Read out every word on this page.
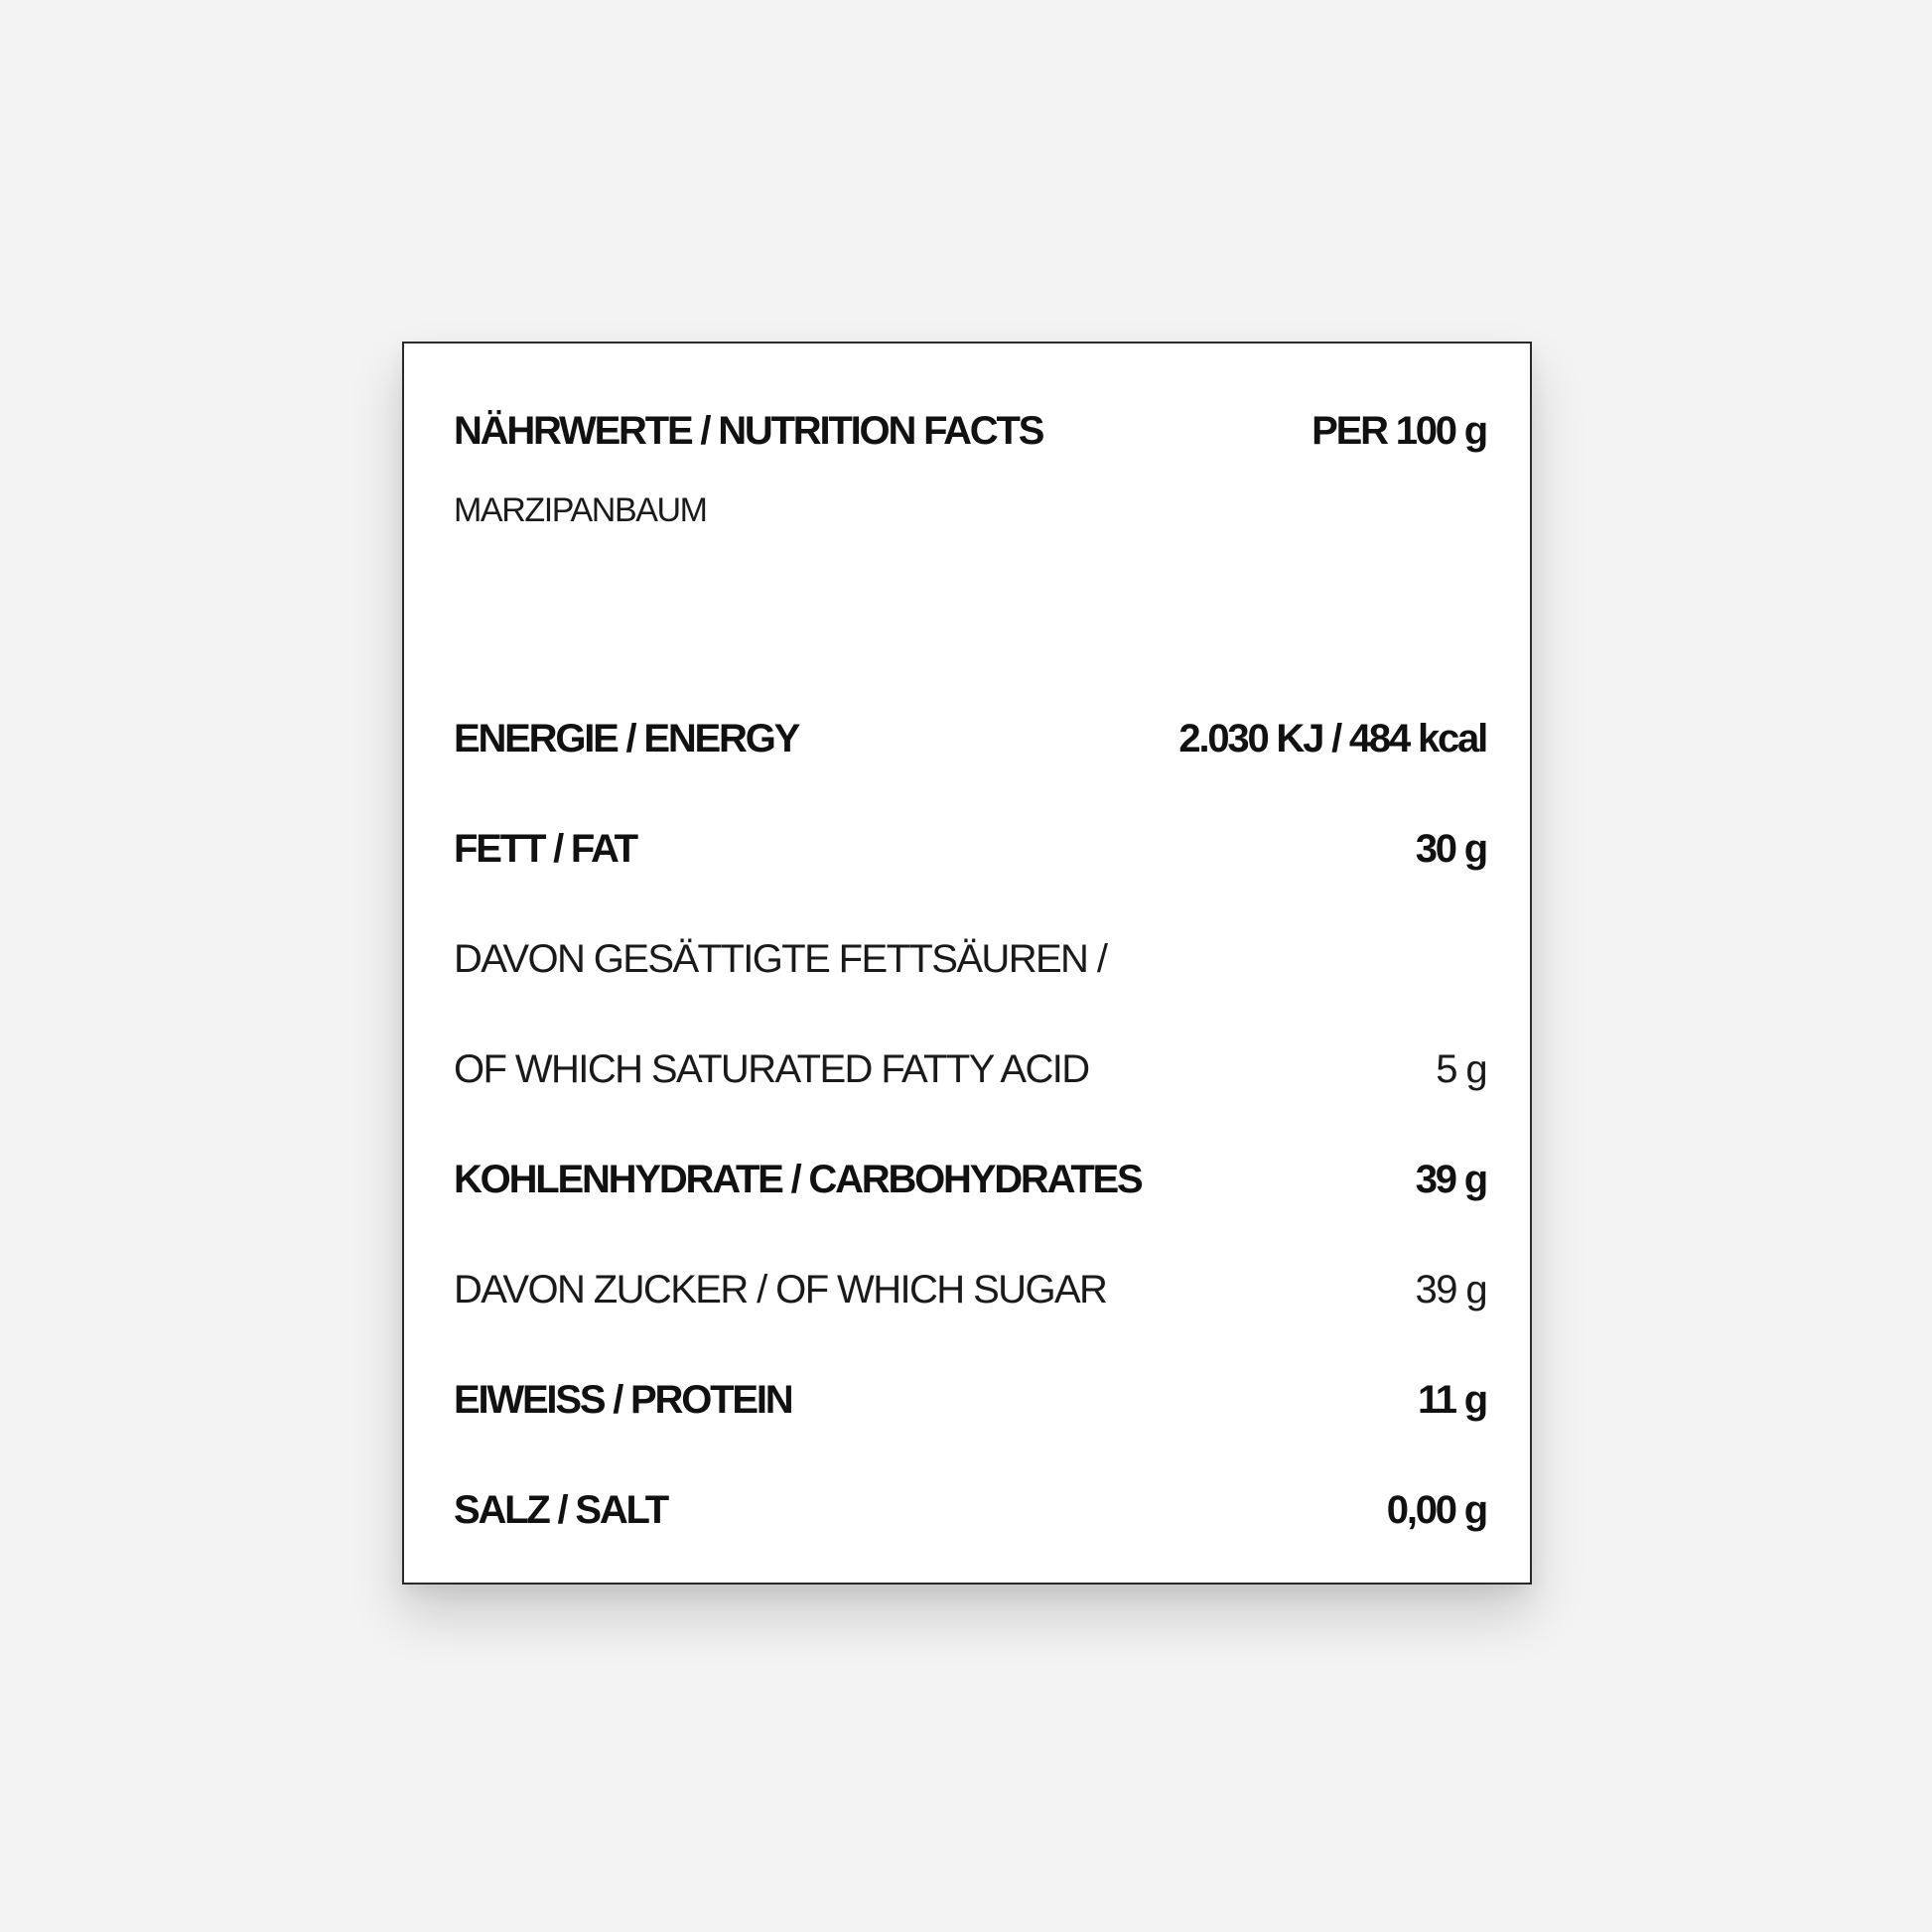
NÄHRWERTE / NUTRITION FACTS	PER 100 g
MARZIPANBAUM
ENERGIE / ENERGY	2.030 KJ / 484 kcal
FETT / FAT	30 g
DAVON GESÄTTIGTE FETTSÄUREN /
OF WHICH SATURATED FATTY ACID	5 g
KOHLENHYDRATE / CARBOHYDRATES	39 g
DAVON ZUCKER / OF WHICH SUGAR	39 g
EIWEISS / PROTEIN	11 g
SALZ / SALT	0,00 g
